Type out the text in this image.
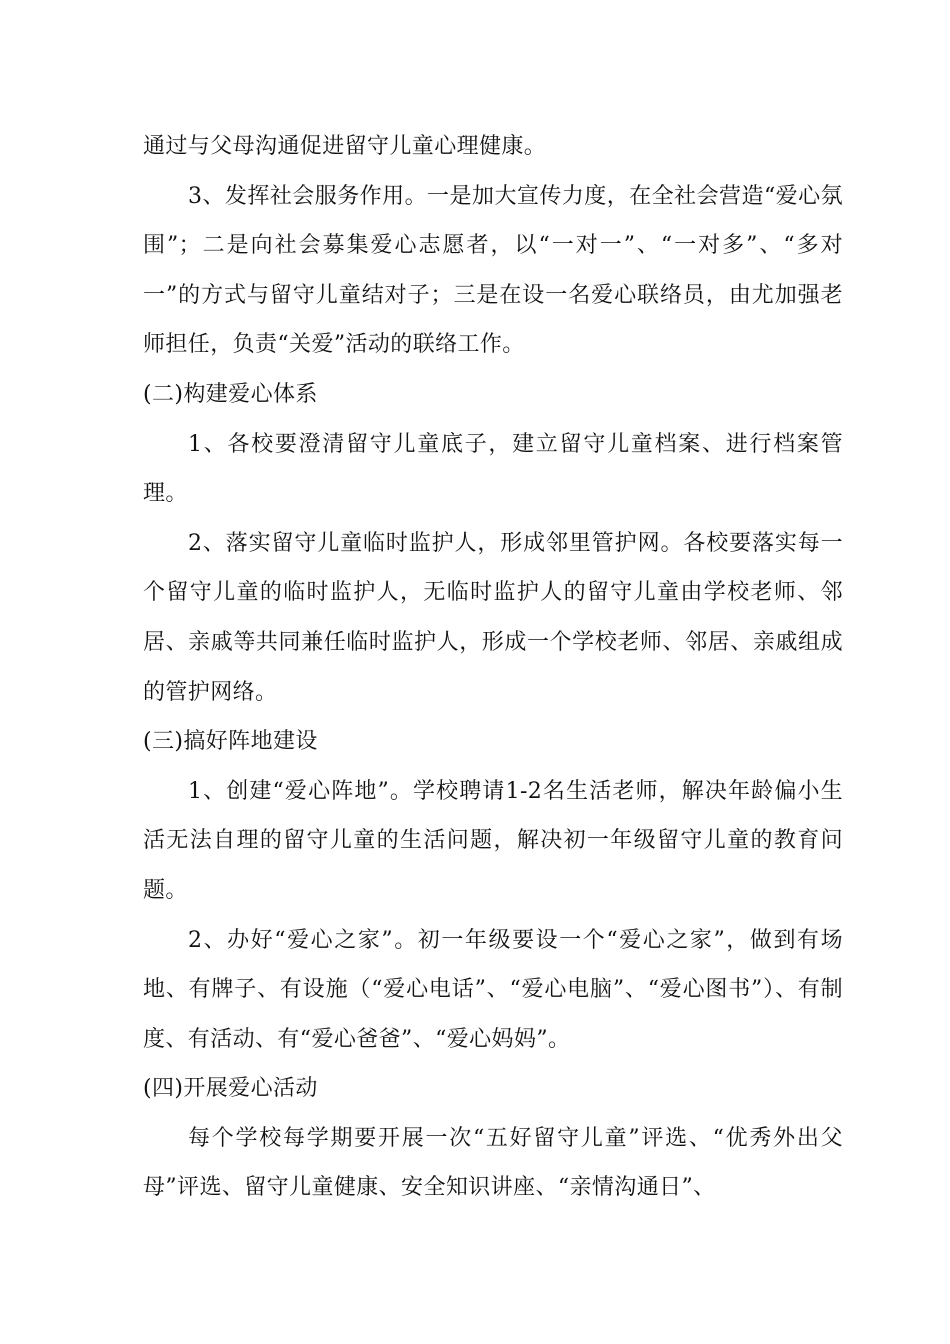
通过与父母沟通促进留守儿童心理健康。

3、发挥社会服务作用。一是加大宣传力度，在全社会营造“爱心氛围”；二是向社会募集爱心志愿者，以“一对一”、“一对多”、“多对一”的方式与留守儿童结对子；三是在设一名爱心联络员，由尤加强老师担任，负责“关爱”活动的联络工作。

(二)构建爱心体系

1、各校要澄清留守儿童底子，建立留守儿童档案、进行档案管理。

2、落实留守儿童临时监护人，形成邻里管护网。各校要落实每一个留守儿童的临时监护人，无临时监护人的留守儿童由学校老师、邻居、亲戚等共同兼任临时监护人，形成一个学校老师、邻居、亲戚组成的管护网络。

(三)搞好阵地建设

1、创建“爱心阵地”。学校聘请1-2名生活老师，解决年龄偏小生活无法自理的留守儿童的生活问题，解决初一年级留守儿童的教育问题。

2、办好“爱心之家”。初一年级要设一个“爱心之家”，做到有场地、有牌子、有设施（“爱心电话”、“爱心电脑”、“爱心图书”）、有制度、有活动、有“爱心爸爸”、“爱心妈妈”。

(四)开展爱心活动

每个学校每学期要开展一次“五好留守儿童”评选、“优秀外出父母”评选、留守儿童健康、安全知识讲座、“亲情沟通日”、
